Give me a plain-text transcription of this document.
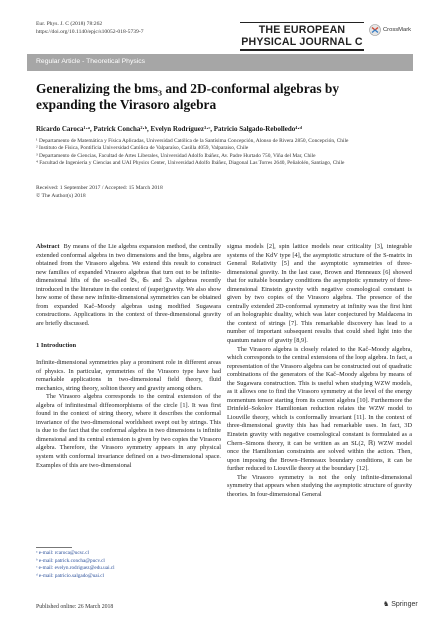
Eur. Phys. J. C (2018) 78:262
https://doi.org/10.1140/epjc/s10052-018-5739-7	THE EUROPEAN
PHYSICAL JOURNAL C
CrossMark
Regular Article - Theoretical Physics
Generalizing the bms₃ and 2D-conformal algebras by expanding the Virasoro algebra
Ricardo Caroca¹·ᵃ, Patrick Concha²·ᵇ, Evelyn Rodríguez³·ᶜ, Patricio Salgado-Rebolledo⁴·ᵈ
¹ Departamento de Matemática y Física Aplicadas, Universidad Católica de la Santísima Concepción, Alonso de Rivera 2850, Concepción, Chile
² Instituto de Física, Pontificia Universidad Católica de Valparaíso, Casilla 4059, Valparaiso, Chile
³ Departamento de Ciencias, Facultad de Artes Liberales, Universidad Adolfo Ibáñez, Av. Padre Hurtado 750, Viña del Mar, Chile
⁴ Facultad de Ingeniería y Ciencias and UAI Physics Center, Universidad Adolfo Ibáñez, Diagonal Las Torres 2640, Peñalolén, Santiago, Chile
Received: 1 September 2017 / Accepted: 15 March 2018
© The Author(s) 2018

Abstract By means of the Lie algebra expansion method, the centrally extended conformal algebra in two dimensions and the bms₃ algebra are obtained from the Virasoro algebra. We extend this result to construct new families of expanded Virasoro algebras that turn out to be infinite-dimensional lifts of the so-called 𝔅ₖ, 𝔈ₖ and 𝔇ₖ algebras recently introduced in the literature in the context of (super)gravity. We also show how some of these new infinite-dimensional symmetries can be obtained from expanded Kač–Moody algebras using modified Sugawara constructions. Applications in the context of three-dimensional gravity are briefly discussed.

1 Introduction

Infinite-dimensional symmetries play a prominent role in different areas of physics. In particular, symmetries of the Virasoro type have had remarkable applications in two-dimensional field theory, fluid mechanics, string theory, soliton theory and gravity among others.

The Virasoro algebra corresponds to the central extension of the algebra of infinitesimal diffeomorphisms of the circle [1]. It was first found in the context of string theory, where it describes the conformal invariance of the two-dimensional worldsheet swept out by strings. This is due to the fact that the conformal algebra in two dimensions is infinite dimensional and its central extension is given by two copies the Virasoro algebra. Therefore, the Virasoro symmetry appears in any physical system with conformal invariance defined on a two-dimensional space. Examples of this are two-dimensional

sigma models [2], spin lattice models near criticality [3], integrable systems of the KdV type [4], the asymptotic structure of the S-matrix in General Relativity [5] and the asymptotic symmetries of three-dimensional gravity. In the last case, Brown and Henneaux [6] showed that for suitable boundary conditions the asymptotic symmetry of three-dimensional Einstein gravity with negative cosmological constant is given by two copies of the Virasoro algebra. The presence of the centrally extended 2D-conformal symmetry at infinity was the first hint of an holographic duality, which was later conjectured by Maldacena in the context of strings [7]. This remarkable discovery has lead to a number of important subsequent results that could shed light into the quantum nature of gravity [8,9].

The Virasoro algebra is closely related to the Kač–Moody algebra, which corresponds to the central extensions of the loop algebra. In fact, a representation of the Virasoro algebra can be constructed out of quadratic combinations of the generators of the Kač–Moody algebra by means of the Sugawara construction. This is useful when studying WZW models, as it allows one to find the Virasoro symmetry at the level of the energy momentum tensor starting from its current algebra [10]. Furthermore the Drinfeld–Sokolov Hamiltonian reduction relates the WZW model to Liouville theory, which is conformally invariant [11]. In the context of three-dimensional gravity this has had remarkable uses. In fact, 3D Einstein gravity with negative cosmological constant is formulated as a Chern–Simons theory, it can be written as an SL(2, ℝ) WZW model once the Hamiltonian constraints are solved within the action. Then, upon imposing the Brown–Henneaux boundary conditions, it can be further reduced to Liouville theory at the boundary [12].

The Virasoro symmetry is not the only infinite-dimensional symmetry that appears when studying the asymptotic structure of gravity theories. In four-dimensional General

ᵃ e-mail: rcaroca@ucsc.cl
ᵇ e-mail: patrick.concha@pucv.cl
ᶜ e-mail: evelyn.rodriguez@edu.uai.cl
ᵈ e-mail: patricio.salgado@uai.cl
Published online: 26 March 2018	♞ Springer
